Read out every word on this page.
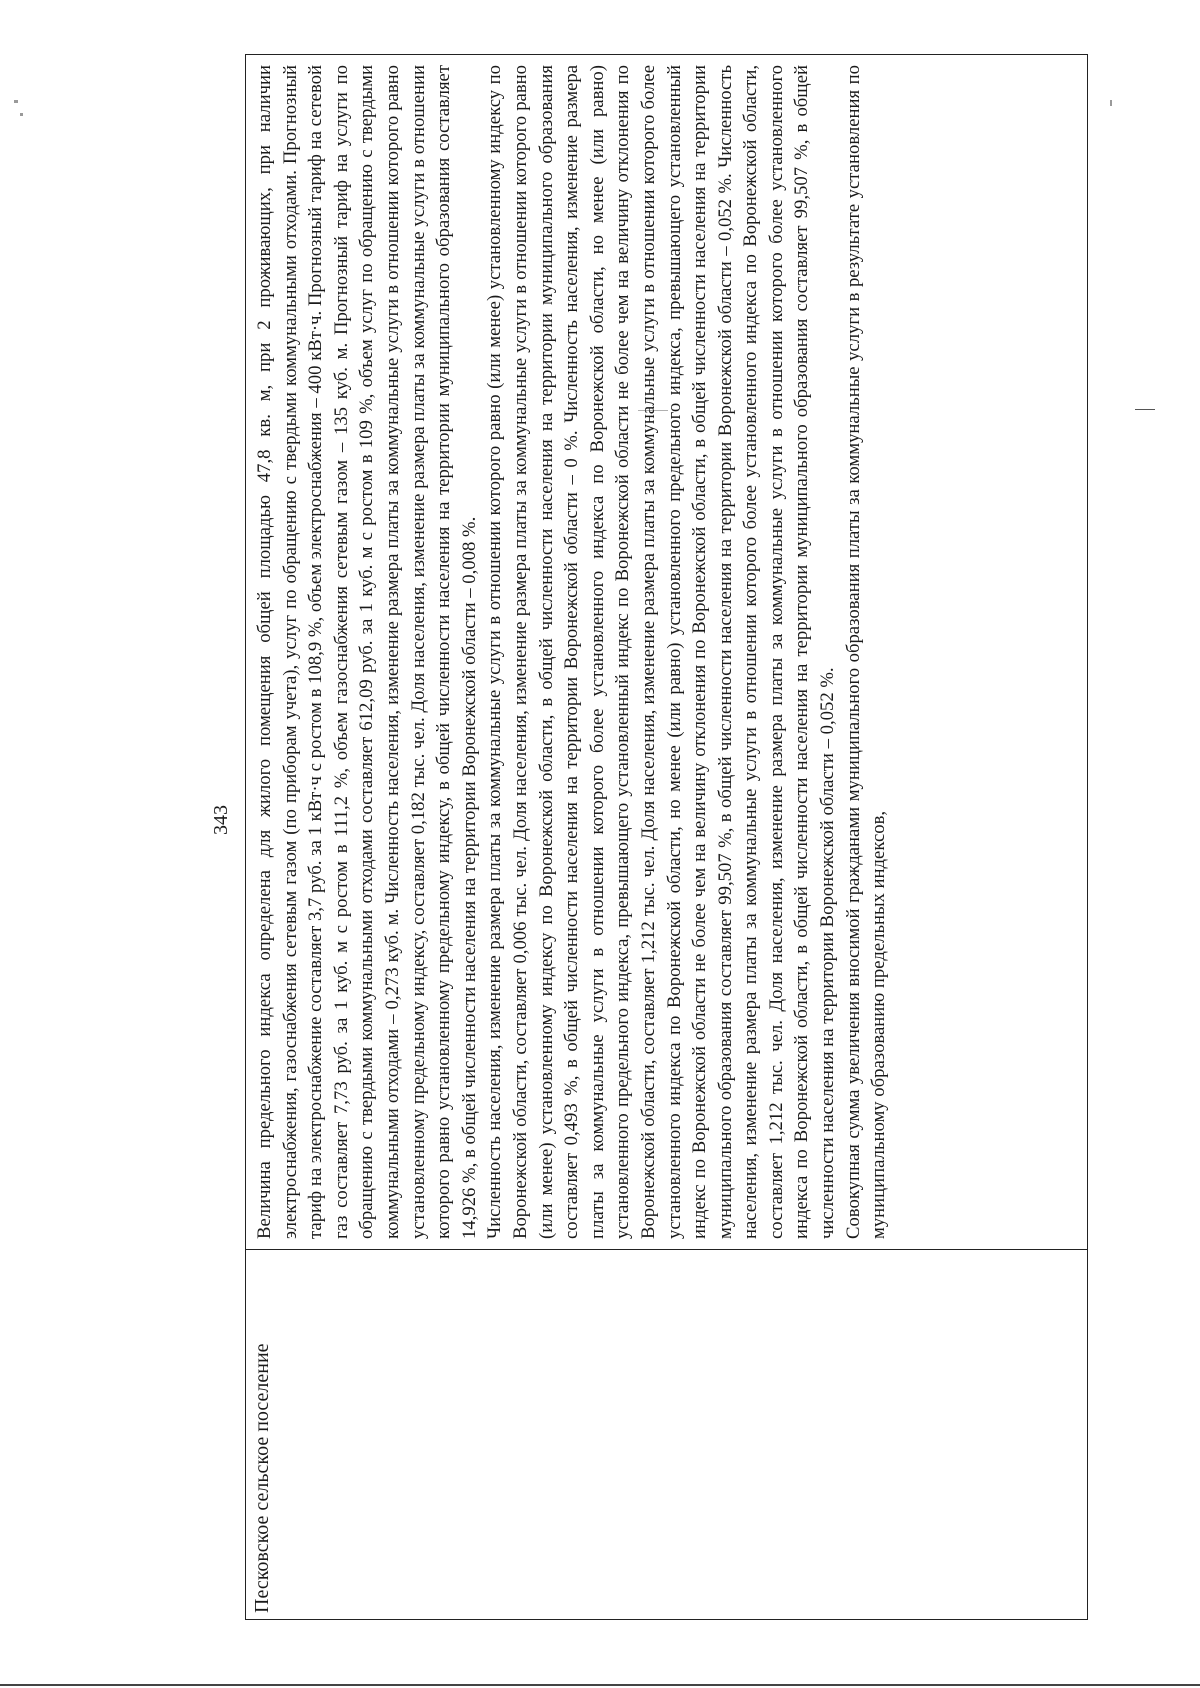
343
Песковское сельское поселение

Величина предельного индекса определена для жилого помещения общей площадью 47,8 кв. м, при 2 проживающих, при наличии электроснабжения, газоснабжения сетевым газом (по приборам учета), услуг по обращению с твердыми коммунальными отходами. Прогнозный тариф на электроснабжение составляет 3,7 руб. за 1 кВт·ч с ростом в 108,9 %, объем электроснабжения – 400 кВт·ч. Прогнозный тариф на сетевой газ составляет 7,73 руб. за 1 куб. м с ростом в 111,2 %, объем газоснабжения сетевым газом – 135 куб. м. Прогнозный тариф на услуги по обращению с твердыми коммунальными отходами составляет 612,09 руб. за 1 куб. м с ростом в 109 %, объем услуг по обращению с твердыми коммунальными отходами – 0,273 куб. м. Численность населения, изменение размера платы за коммунальные услуги в отношении которого равно установленному предельному индексу, составляет 0,182 тыс. чел. Доля населения, изменение размера платы за коммунальные услуги в отношении которого равно установленному предельному индексу, в общей численности населения на территории муниципального образования составляет 14,926 %, в общей численности населения на территории Воронежской области – 0,008 %. Численность населения, изменение размера платы за коммунальные услуги в отношении которого равно (или менее) установленному индексу по Воронежской области, составляет 0,006 тыс. чел. Доля населения, изменение размера платы за коммунальные услуги в отношении которого равно (или менее) установленному индексу по Воронежской области, в общей численности населения на территории муниципального образования составляет 0,493 %, в общей численности населения на территории Воронежской области – 0 %. Численность населения, изменение размера платы за коммунальные услуги в отношении которого более установленного индекса по Воронежской области, но менее (или равно) установленного предельного индекса, превышающего установленный индекс по Воронежской области не более чем на величину отклонения по Воронежской области, составляет 1,212 тыс. чел. Доля населения, изменение размера платы за коммунальные услуги в отношении которого более установленного индекса по Воронежской области, но менее (или равно) установленного предельного индекса, превышающего установленный индекс по Воронежской области не более чем на величину отклонения по Воронежской области, в общей численности населения на территории муниципального образования составляет 99,507 %, в общей численности населения на территории Воронежской области – 0,052 %. Численность населения, изменение размера платы за коммунальные услуги в отношении которого более установленного индекса по Воронежской области, составляет 1,212 тыс. чел. Доля населения, изменение размера платы за коммунальные услуги в отношении которого более установленного индекса по Воронежской области, в общей численности населения на территории муниципального образования составляет 99,507 %, в общей численности населения на территории Воронежской области – 0,052 %. Совокупная сумма увеличения вносимой гражданами муниципального образования платы за коммунальные услуги в результате установления по муниципальному образованию предельных индексов,
